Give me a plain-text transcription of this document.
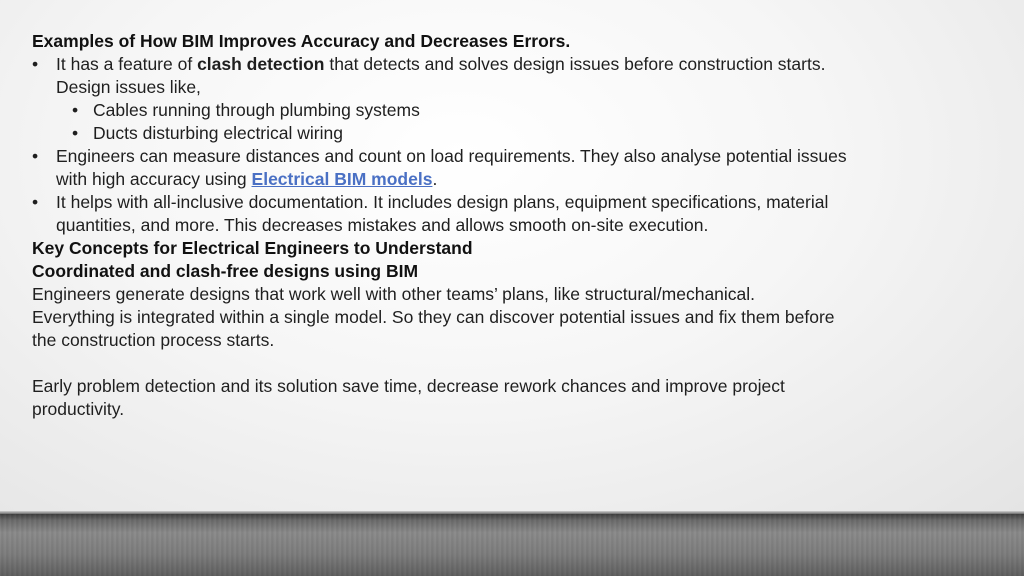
Examples of How BIM Improves Accuracy and Decreases Errors.

•	It has a feature of clash detection that detects and solves design issues before construction starts.
Design issues like,
• Cables running through plumbing systems
• Ducts disturbing electrical wiring
•	Engineers can measure distances and count on load requirements. They also analyse potential issues
with high accuracy using Electrical BIM models.
•	It helps with all-inclusive documentation. It includes design plans, equipment specifications, material
quantities, and more. This decreases mistakes and allows smooth on-site execution.

Key Concepts for Electrical Engineers to Understand

Coordinated and clash-free designs using BIM

Engineers generate designs that work well with other teams’ plans, like structural/mechanical.
Everything is integrated within a single model. So they can discover potential issues and fix them before
the construction process starts.
Early problem detection and its solution save time, decrease rework chances and improve project
productivity.
